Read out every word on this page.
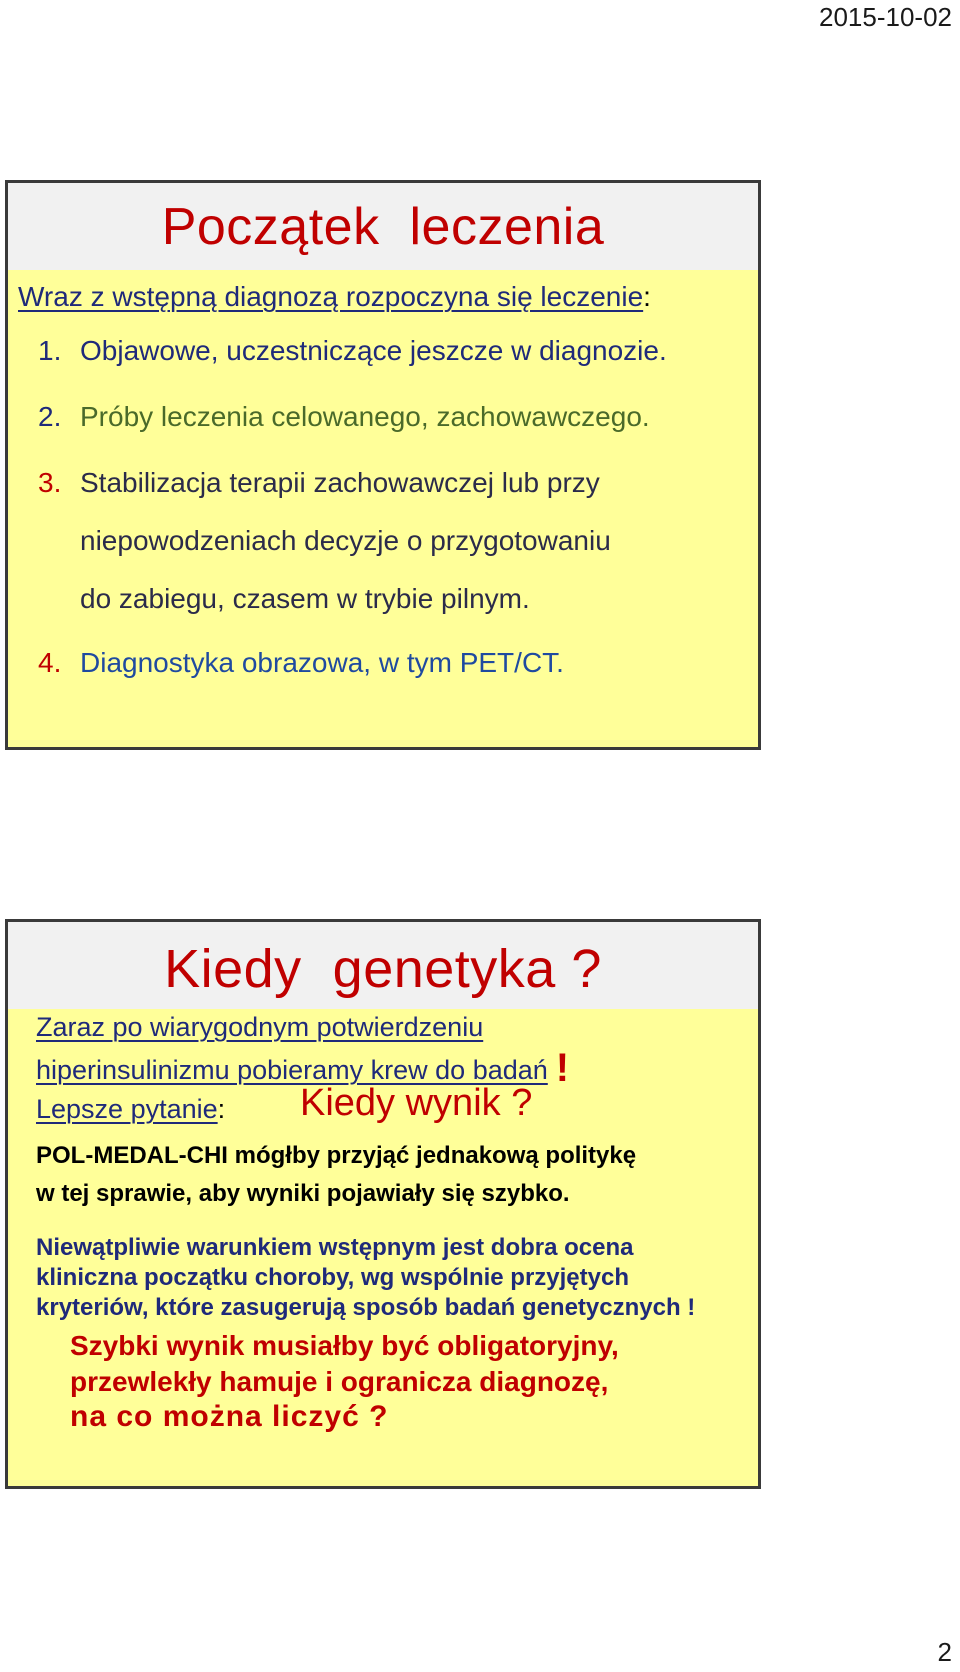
2015-10-02
Początek  leczenia
Wraz z wstępną diagnozą rozpoczyna się leczenie:
1. Objawowe, uczestniczące jeszcze w diagnozie.
2. Próby leczenia celowanego, zachowawczego.
3. Stabilizacja terapii zachowawczej lub przy
niepowodzeniach decyzje o przygotowaniu
do zabiegu, czasem w trybie pilnym.
4. Diagnostyka obrazowa, w tym PET/CT.
Kiedy  genetyka ?
Zaraz po wiarygodnym potwierdzeniu
hiperinsulinizmu pobieramy krew do badań !
Lepsze pytanie: Kiedy wynik ?
POL-MEDAL-CHI mógłby przyjąć jednakową politykę
w tej sprawie, aby wyniki pojawiały się szybko.
Niewątpliwie warunkiem wstępnym jest dobra ocena
kliniczna początku choroby, wg wspólnie przyjętych
kryteriów, które zasugerują sposób badań genetycznych !
Szybki wynik musiałby być obligatoryjny,
przewlekły hamuje i ogranicza diagnozę,
na co można liczyć ?
2
